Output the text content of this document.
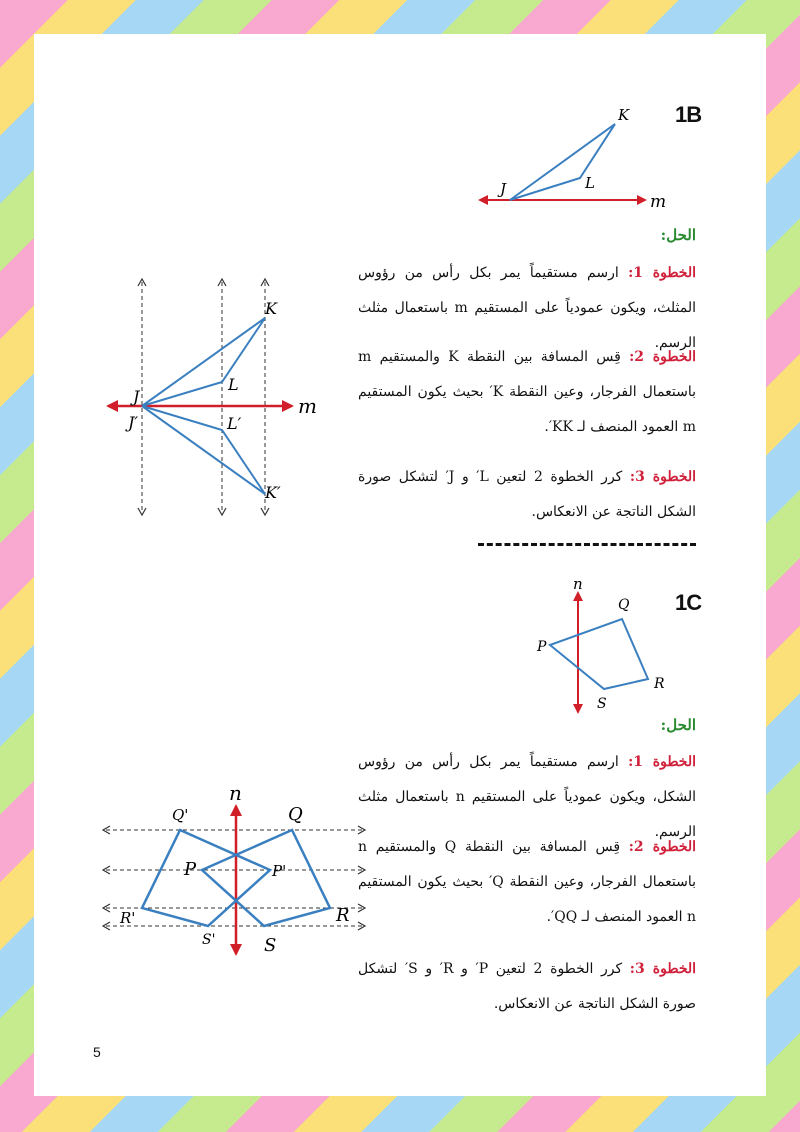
1B
K
L
J
m
الحل:

الخطوة 1: ارسم مستقيماً يمر بكل رأس من رؤوس المثلث، ويكون عمودياً على المستقيم m باستعمال مثلث الرسم.

الخطوة 2: قِس المسافة بين النقطة K والمستقيم m باستعمال الفرجار، وعين النقطة K′ بحيث يكون المستقيم m العمود المنصف لـ KK′.

الخطوة 3: كرر الخطوة 2 لتعين L′ و J′ لتشكل صورة الشكل الناتجة عن الانعكاس.

J
J′
K
K′
L
L′
m
1C
n
Q
P
R
S
الحل:

الخطوة 1: ارسم مستقيماً يمر بكل رأس من رؤوس الشكل، ويكون عمودياً على المستقيم n باستعمال مثلث الرسم.

الخطوة 2: قِس المسافة بين النقطة Q والمستقيم n باستعمال الفرجار، وعين النقطة Q′ بحيث يكون المستقيم n العمود المنصف لـ QQ′.

الخطوة 3: كرر الخطوة 2 لتعين P′ و R′ و S′ لتشكل صورة الشكل الناتجة عن الانعكاس.

n
Q
Q'
P	P'
R
R'
S
S'
5
